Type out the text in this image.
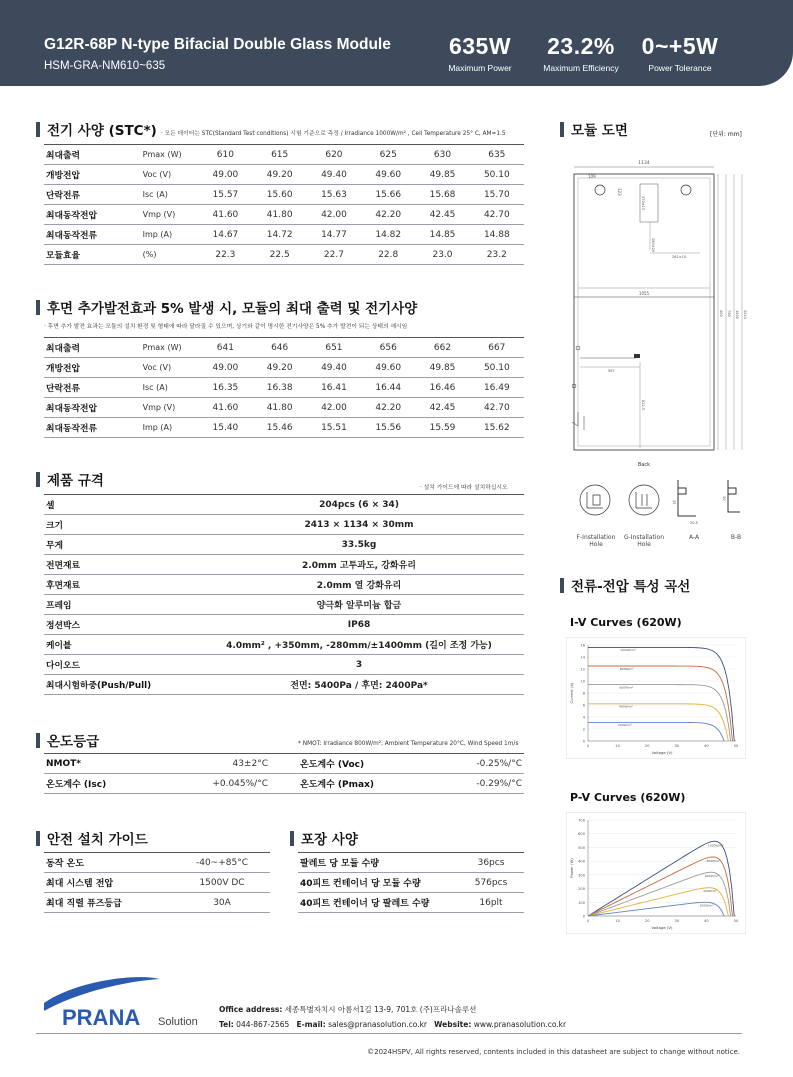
G12R-68P N-type Bifacial Double Glass Module
HSM-GRA-NM610~635
635W
Maximum Power
23.2%
Maximum Efficiency
0~+5W
Power Tolerance
전기 사양 (STC*) · 모든 데이터는 STC(Standard Test conditions) 시험 기준으로 측정 / Irradiance 1000W/m² , Cell Temperature 25° C, AM=1.5
최대출력	Pmax (W)	610	615	620	625	630	635
개방전압	Voc (V)	49.00	49.20	49.40	49.60	49.85	50.10
단락전류	Isc (A)	15.57	15.60	15.63	15.66	15.68	15.70
최대동작전압	Vmp (V)	41.60	41.80	42.00	42.20	42.45	42.70
최대동작전류	Imp (A)	14.67	14.72	14.77	14.82	14.85	14.88
모듈효율	(%)	22.3	22.5	22.7	22.8	23.0	23.2
후면 추가발전효과 5% 발생 시, 모듈의 최대 출력 및 전기사양
· 후면 추가 발전 효과는 모듈의 설치 환경 및 형태에 따라 달라질 수 있으며, 상기와 같이 명시한 전기사양은 5% 추가 발전이 되는 상태의 예시임
최대출력	Pmax (W)	641	646	651	656	662	667
개방전압	Voc (V)	49.00	49.20	49.40	49.60	49.85	50.10
단락전류	Isc (A)	16.35	16.38	16.41	16.44	16.46	16.49
최대동작전압	Vmp (V)	41.60	41.80	42.00	42.20	42.45	42.70
최대동작전류	Imp (A)	15.40	15.46	15.51	15.56	15.59	15.62
제품 규격	· 설치 가이드에 따라 설치하십시오
셀	204pcs (6 × 34)
크기	2413 × 1134 × 30mm
무게	33.5kg
전면재료	2.0mm 고투과도, 강화유리
후면재료	2.0mm 열 강화유리
프레임	양극화 알루미늄 합금
정션박스	IP68
케이블	4.0mm² , +350mm, -280mm/±1400mm (길이 조정 가능)
다이오드	3
최대시험하중(Push/Pull)	전면: 5400Pa / 후면: 2400Pa*
온도등급	* NMOT: Irradiance 800W/m², Ambient Temperature 20°C, Wind Speed 1m/s
NMOT*	43±2°C		온도계수 (Voc)	-0.25%/°C
온도계수 (Isc)	+0.045%/°C		온도계수 (Pmax)	-0.29%/°C
안전 설치 가이드
동작 온도	-40~+85°C
최대 시스템 전압	1500V DC
최대 직렬 퓨즈등급	30A
포장 사양
팔레트 당 모듈 수량	36pcs
40피트 컨테이너 당 모듈 수량	576pcs
40피트 컨테이너 당 팔레트 수량	16plt
모듈 도면	[단위: mm]
1134
109
123
370±15
280±20
261±10
1055
400 790 1400 2413
567
822.5
Back
35
20.5
30
F-Installation Hole
G-Installation Hole
A-A	B-B
전류-전압 특성 곡선
I-V Curves (620W)
0
2
4
6
8
10
12
14
16
0	10	20	30	40	50
Voltage (V)
Current (A)
1000W/m²
800W/m²
600W/m²
400W/m²
200W/m²
P-V Curves (620W)
0
100
200
300
400
500
600
700
0	10	20	30	40	50
Voltage (V)
Power (W)
1000W/m²
800W/m²
600W/m²
400W/m²
200W/m²
PRANA Solution
Office address: 세종특별자치시 아름서1길 13-9, 701호 (주)프라나솔루션
Tel: 044-867-2565 E-mail: sales@pranasolution.co.kr Website: www.pranasolution.co.kr
©2024HSPV, All rights reserved, contents included in this datasheet are subject to change without notice.
